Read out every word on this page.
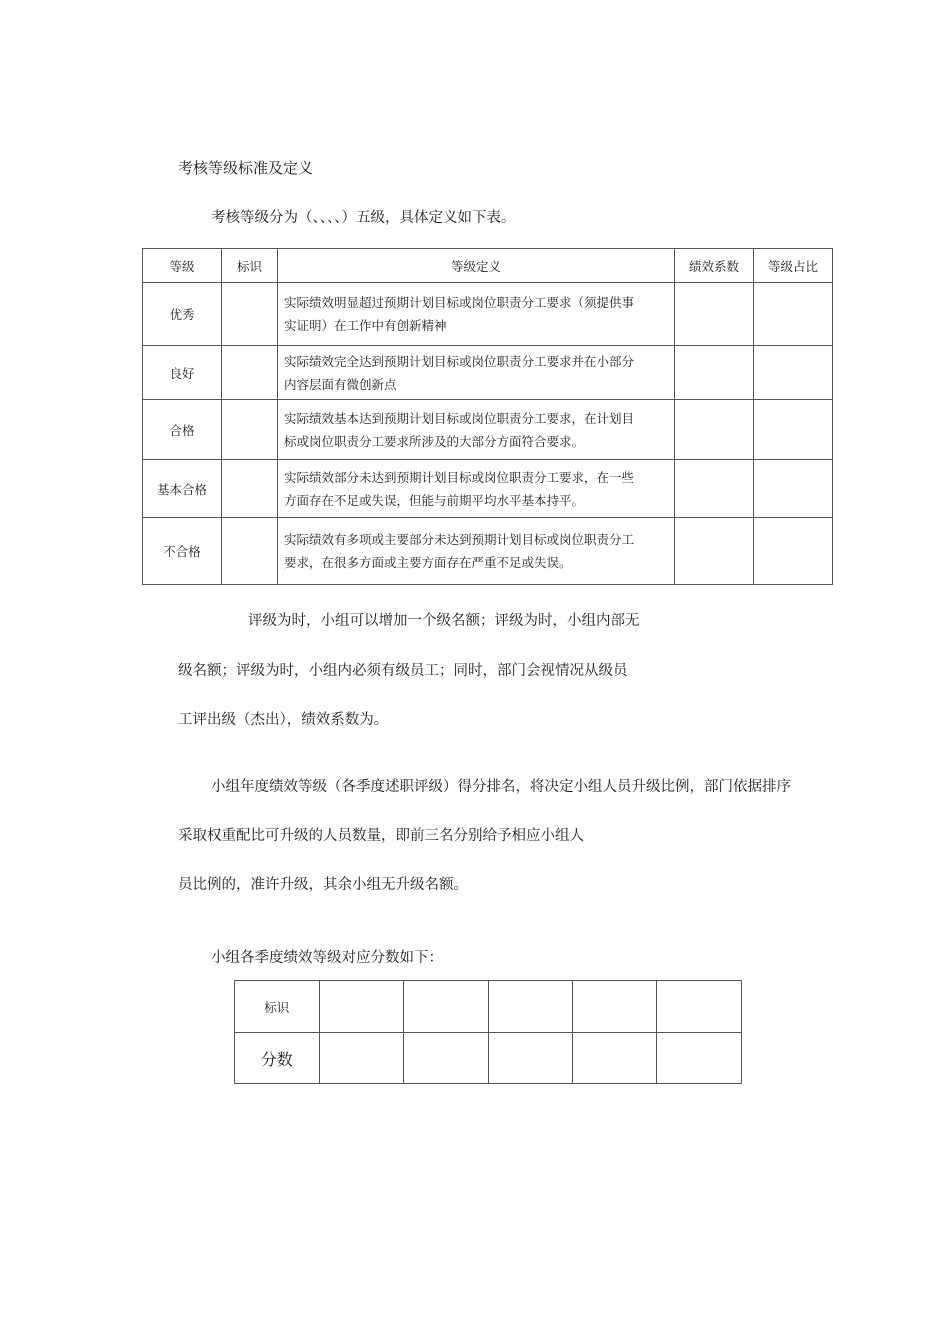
考核等级标准及定义
考核等级分为（、、、、）五级，具体定义如下表。
等级	标识	等级定义	绩效系数	等级占比
优秀		实际绩效明显超过预期计划目标或岗位职责分工要求（须提供事
实证明）在工作中有创新精神		

良好		实际绩效完全达到预期计划目标或岗位职责分工要求并在小部分
内容层面有微创新点		

合格		实际绩效基本达到预期计划目标或岗位职责分工要求，在计划目
标或岗位职责分工要求所涉及的大部分方面符合要求。		

基本合格		实际绩效部分未达到预期计划目标或岗位职责分工要求，在一些
方面存在不足或失误，但能与前期平均水平基本持平。		

不合格		实际绩效有多项或主要部分未达到预期计划目标或岗位职责分工
要求，在很多方面或主要方面存在严重不足或失误。		

评级为时，小组可以增加一个级名额；评级为时，小组内部无
级名额；评级为时，小组内必须有级员工；同时，部门会视情况从级员
工评出级（杰出），绩效系数为。
小组年度绩效等级（各季度述职评级）得分排名，将决定小组人员升级比例，部门依据排序
采取权重配比可升级的人员数量，即前三名分别给予相应小组人
员比例的，准许升级，其余小组无升级名额。
小组各季度绩效等级对应分数如下：
标识					
分数					
